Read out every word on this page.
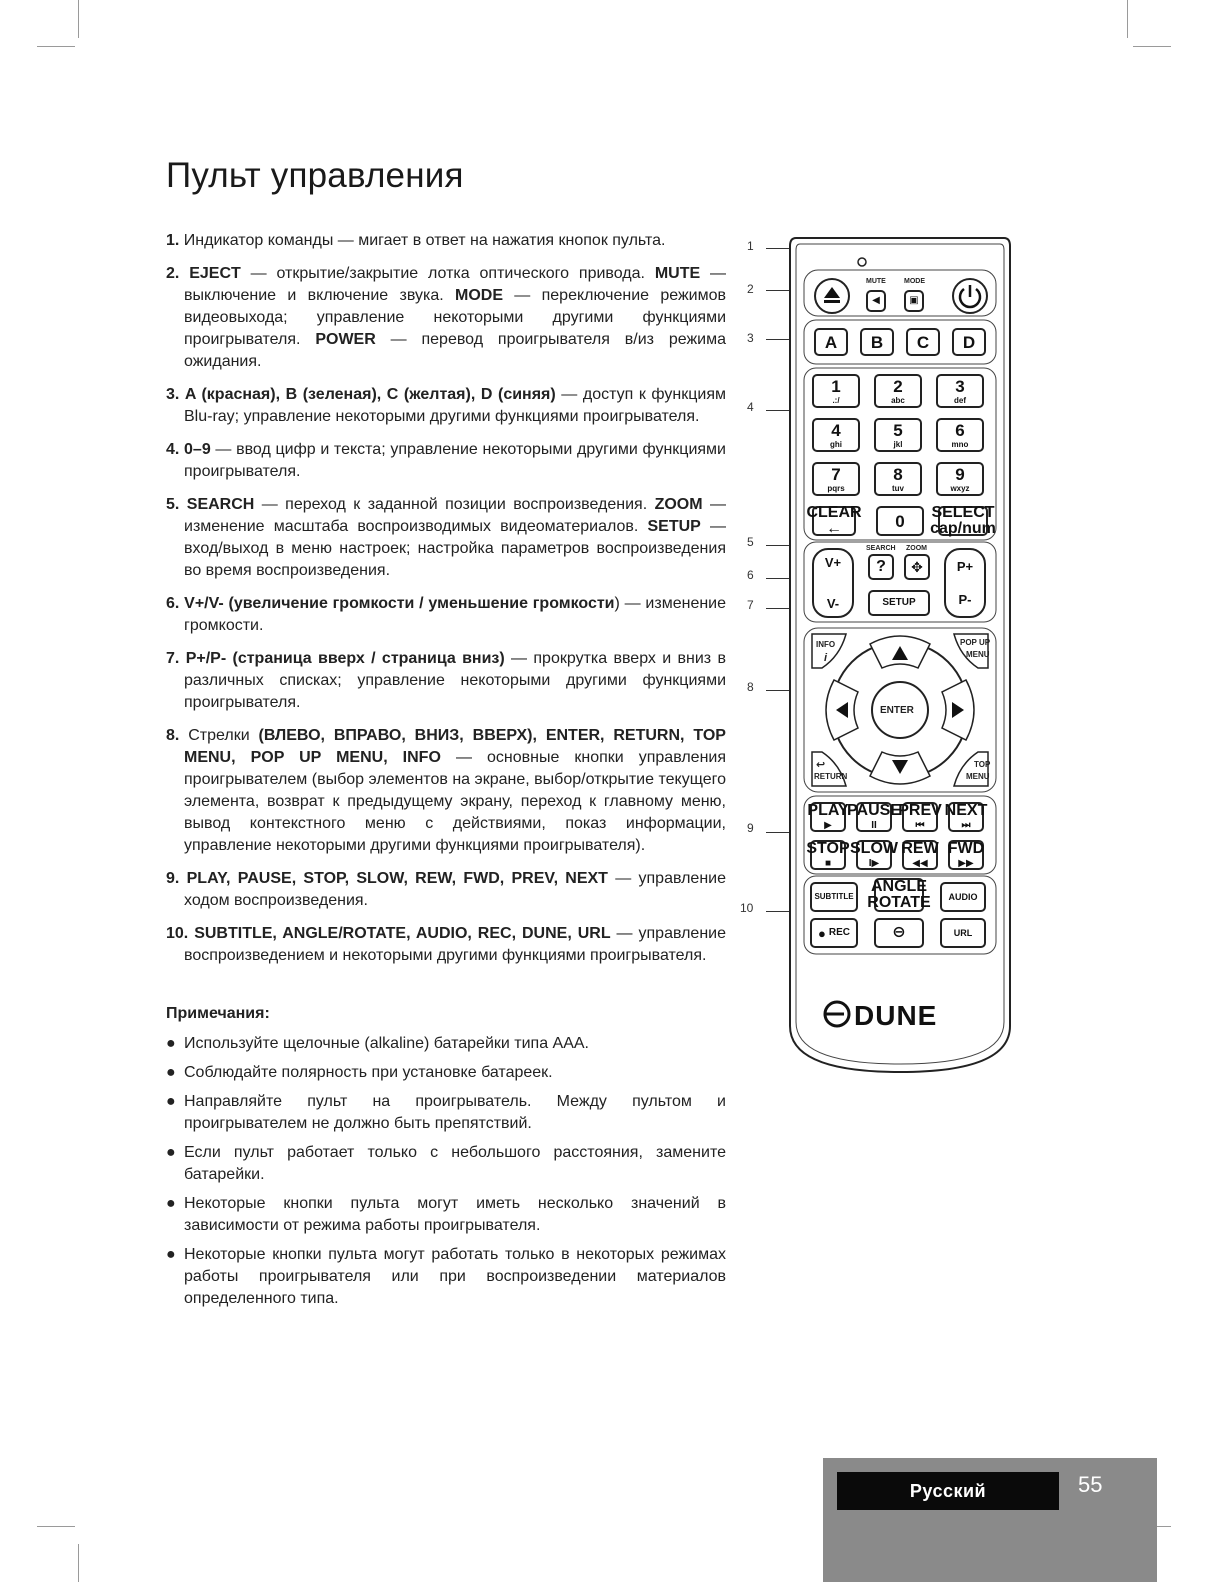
Пульт управления
1. Индикатор команды — мигает в ответ на нажатия кнопок пульта.
2. EJECT — открытие/закрытие лотка оптического привода. MUTE — выключение и включение звука. MODE — переключение режимов видеовыхода; управление некоторыми другими функциями проигрывателя. POWER — перевод проигрывателя в/из режима ожидания.
3. A (красная), B (зеленая), C (желтая), D (синяя) — доступ к функциям Blu-ray; управление некоторыми другими функциями проигрывателя.
4. 0–9 — ввод цифр и текста; управление некоторыми другими функциями проигрывателя.
5. SEARCH — переход к заданной позиции воспроизведения. ZOOM — изменение масштаба воспроизводимых видеоматериалов. SETUP — вход/выход в меню настроек; настройка параметров воспроизведения во время воспроизведения.
6. V+/V- (увеличение громкости / уменьшение громкости) — изменение громкости.
7. P+/P- (страница вверх / страница вниз) — прокрутка вверх и вниз в различных списках; управление некоторыми другими функциями проигрывателя.
8. Стрелки (ВЛЕВО, ВПРАВО, ВНИЗ, ВВЕРХ), ENTER, RETURN, TOP MENU, POP UP MENU, INFO — основные кнопки управления проигрывателем (выбор элементов на экране, выбор/открытие текущего элемента, возврат к предыдущему экрану, переход к главному меню, вывод контекстного меню с действиями, показ информации, управление некоторыми другими функциями проигрывателя).
9. PLAY, PAUSE, STOP, SLOW, REW, FWD, PREV, NEXT — управление ходом воспроизведения.
10. SUBTITLE, ANGLE/ROTATE, AUDIO, REC, DUNE, URL — управление воспроизведением и некоторыми другими функциями проигрывателя.
Примечания:
● Используйте щелочные (alkaline) батарейки типа AAA.
● Соблюдайте полярность при установке батареек.
● Направляйте пульт на проигрыватель. Между пультом и проигрывателем не должно быть препятствий.
● Если пульт работает только с небольшого расстояния, замените батарейки.
● Некоторые кнопки пульта могут иметь несколько значений в зависимости от режима работы проигрывателя.
● Некоторые кнопки пульта могут работать только в некоторых режимах работы проигрывателя или при воспроизведении материалов определенного типа.
1
2
3
4
5
6
7
8
9
10
MUTE	MODE
◀	▣
A	B	C	D
1
.:/
2
abc
3
def
4
ghi
5
jkl
6
mno
7
pqrs
8
tuv
9
wxyz
CLEAR
←	0 SELECT
cap/num
SEARCH ZOOM
?	✥
SETUP
V+
V-
P+
P-
INFO
i
POP UP
MENU
ENTER
↩
RETURN
TOP
MENU
PLAY
▶
PAUSE
II
PREV
⏮
NEXT
⏭
STOP
■
SLOW
I▶
REW
◀◀
FWD
▶▶
SUBTITLE
ANGLE
ROTATE	AUDIO
● REC	⊖	URL
DUNE
Русский	55
